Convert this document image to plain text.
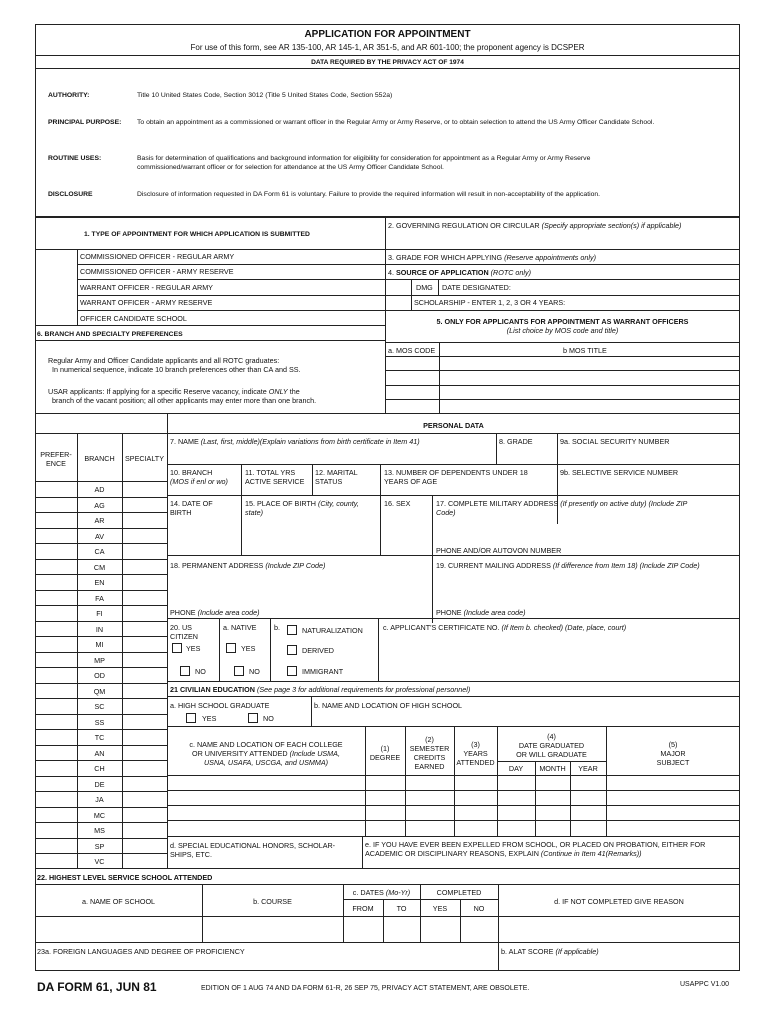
APPLICATION FOR APPOINTMENT
For use of this form, see AR 135-100, AR 145-1, AR 351-5, and AR 601-100; the proponent agency is DCSPER
DATA REQUIRED BY THE PRIVACY ACT OF 1974
AUTHORITY:	Title 10 United States Code, Section 3012 (Title 5 United States Code, Section 552a)
PRINCIPAL PURPOSE: To obtain an appointment as a commissioned or warrant officer in the Regular Army or Army Reserve, or to obtain selection to attend the US Army Officer Candidate School.
ROUTINE USES:	Basis for determination of qualifications and background information for eligibility for consideration for appointment as a Regular Army or Army Reserve
commissioned/warrant officer or for selection for attendance at the US Army Officer Candidate School.
DISCLOSURE	Disclosure of information requested in DA Form 61 is voluntary. Failure to provide the required information will result in non-acceptability of the application.
1. TYPE OF APPOINTMENT FOR WHICH APPLICATION IS SUBMITTED
COMMISSIONED OFFICER - REGULAR ARMY
COMMISSIONED OFFICER - ARMY RESERVE
WARRANT OFFICER - REGULAR ARMY
WARRANT OFFICER - ARMY RESERVE
OFFICER CANDIDATE SCHOOL
2. GOVERNING REGULATION OR CIRCULAR (Specify appropriate section(s) if applicable)
3. GRADE FOR WHICH APPLYING (Reserve appointments only)
4. SOURCE OF APPLICATION (ROTC only)
DMG DATE DESIGNATED:
SCHOLARSHIP - ENTER 1, 2, 3 OR 4 YEARS:
5. ONLY FOR APPLICANTS FOR APPOINTMENT AS WARRANT OFFICERS
(List choice by MOS code and title)
a. MOS CODE	b MOS TITLE
6. BRANCH AND SPECIALTY PREFERENCES
Regular Army and Officer Candidate applicants and all ROTC graduates:
In numerical sequence, indicate 10 branch preferences other than CA and SS.
USAR applicants: If applying for a specific Reserve vacancy, indicate ONLY the
branch of the vacant position; all other applicants may enter more than one branch.
PREFER-
ENCE
BRANCH	SPECIALTY
AD
AG
AR
AV
CA
CM
EN
FA
FI
IN
MI
MP
OD
QM
SC
SS
TC
AN
CH
DE
JA
MC
MS
SP
VC
PERSONAL DATA
7. NAME (Last, first, middle)(Explain variations from birth certificate in Item 41)	8. GRADE	9a. SOCIAL SECURITY NUMBER
10. BRANCH
(MOS if enl or wo)
11. TOTAL YRS
ACTIVE SERVICE
12. MARITAL
STATUS
13. NUMBER OF DEPENDENTS UNDER 18
YEARS OF AGE
9b. SELECTIVE SERVICE NUMBER
14. DATE OF
BIRTH
15. PLACE OF BIRTH (City, county,
state)
16. SEX	17. COMPLETE MILITARY ADDRESS (If presently on active duty) (Include ZIP
Code)
PHONE AND/OR AUTOVON NUMBER
18. PERMANENT ADDRESS (Include ZIP Code)	19. CURRENT MAILING ADDRESS (If difference from Item 18) (Include ZIP Code)
PHONE (Include area code)	PHONE (Include area code)
20. US
CITIZEN
YES
NO
a. NATIVE
YES
NO
b.	NATURALIZATION
DERIVED
IMMIGRANT
c. APPLICANT'S CERTIFICATE NO. (If Item b. checked) (Date, place, court)
21 CIVILIAN EDUCATION (See page 3 for additional requirements for professional personnel)
a. HIGH SCHOOL GRADUATE
YES	NO
b. NAME AND LOCATION OF HIGH SCHOOL
c. NAME AND LOCATION OF EACH COLLEGE
OR UNIVERSITY ATTENDED (Include USMA,
USNA, USAFA, USCGA, and USMMA)
(1)
DEGREE
(2)
SEMESTER
CREDITS
EARNED
(3)
YEARS
ATTENDED
(4)
DATE GRADUATED
OR WILL GRADUATE
DAY	MONTH	YEAR
(5)
MAJOR
SUBJECT
d. SPECIAL EDUCATIONAL HONORS, SCHOLAR-
SHIPS, ETC.
e. IF YOU HAVE EVER BEEN EXPELLED FROM SCHOOL, OR PLACED ON PROBATION, EITHER FOR
ACADEMIC OR DISCIPLINARY REASONS, EXPLAIN (Continue in Item 41(Remarks))
22. HIGHEST LEVEL SERVICE SCHOOL ATTENDED
a. NAME OF SCHOOL	b. COURSE
c. DATES (Mo-Yr)	COMPLETED
FROM	TO	YES	NO
d. IF NOT COMPLETED GIVE REASON
23a. FOREIGN LANGUAGES AND DEGREE OF PROFICIENCY	b. ALAT SCORE (If applicable)
DA FORM 61, JUN 81	EDITION OF 1 AUG 74 AND DA FORM 61-R, 26 SEP 75, PRIVACY ACT STATEMENT, ARE OBSOLETE.
USAPPC V1.00
